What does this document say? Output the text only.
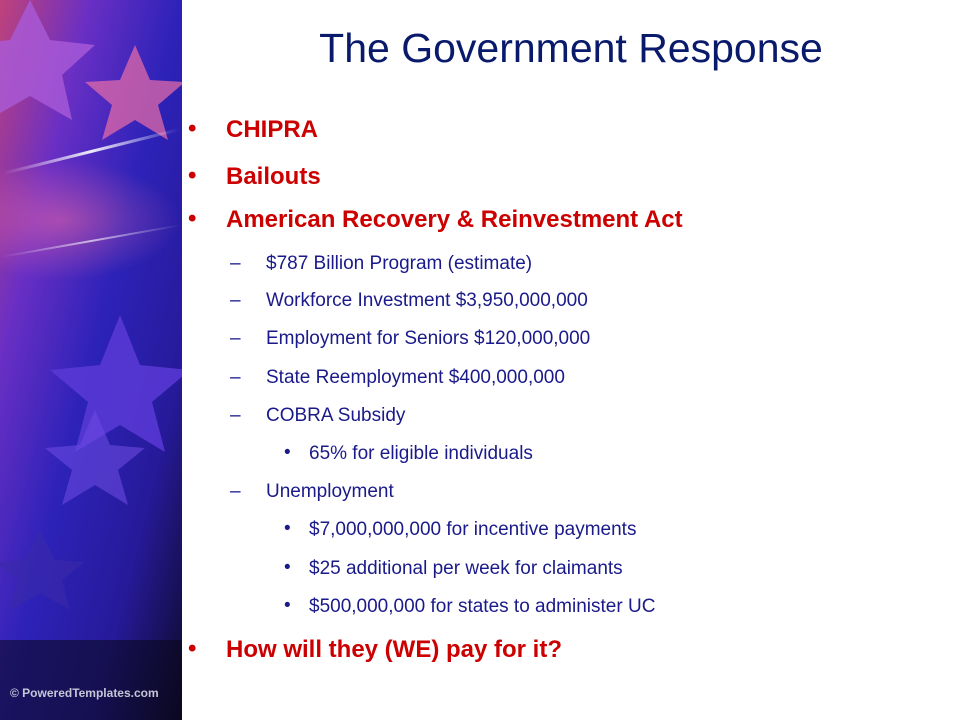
© PoweredTemplates.com
The Government Response
• CHIPRA
• Bailouts
• American Recovery & Reinvestment Act
– $787 Billion Program (estimate)
– Workforce Investment $3,950,000,000
– Employment for Seniors $120,000,000
– State Reemployment $400,000,000
– COBRA Subsidy
• 65% for eligible individuals
– Unemployment
• $7,000,000,000 for incentive payments
• $25 additional per week for claimants
• $500,000,000 for states to administer UC
• How will they (WE) pay for it?
